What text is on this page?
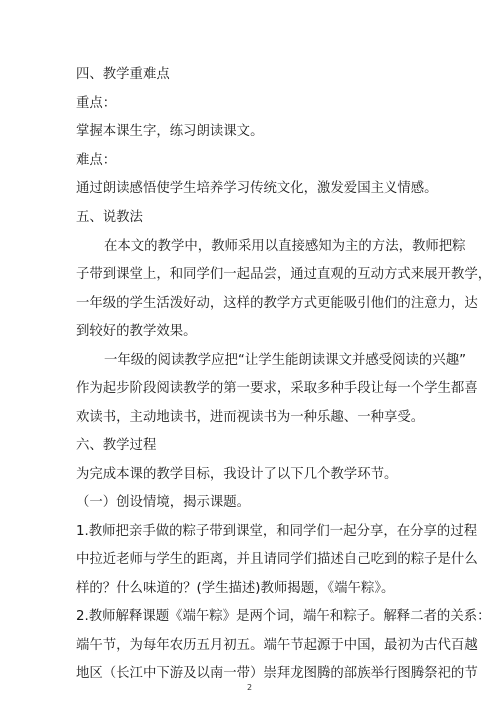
四、教学重难点
重点：
掌握本课生字，练习朗读课文。
难点：
通过朗读感悟使学生培养学习传统文化，激发爱国主义情感。
五、说教法
在本文的教学中，教师采用以直接感知为主的方法，教师把粽
子带到课堂上，和同学们一起品尝，通过直观的互动方式来展开教学，
一年级的学生活泼好动，这样的教学方式更能吸引他们的注意力，达
到较好的教学效果。
一年级的阅读教学应把“让学生能朗读课文并感受阅读的兴趣”
作为起步阶段阅读教学的第一要求，采取多种手段让每一个学生都喜
欢读书，主动地读书，进而视读书为一种乐趣、一种享受。
六、教学过程
为完成本课的教学目标，我设计了以下几个教学环节。
（一）创设情境，揭示课题。
1.教师把亲手做的粽子带到课堂，和同学们一起分享，在分享的过程
中拉近老师与学生的距离，并且请同学们描述自己吃到的粽子是什么
样的？什么味道的？(学生描述)教师揭题，《端午粽》。
2.教师解释课题《端午粽》是两个词，端午和粽子。解释二者的关系：
端午节，为每年农历五月初五。端午节起源于中国，最初为古代百越
地区（长江中下游及以南一带）崇拜龙图腾的部族举行图腾祭祀的节
2
